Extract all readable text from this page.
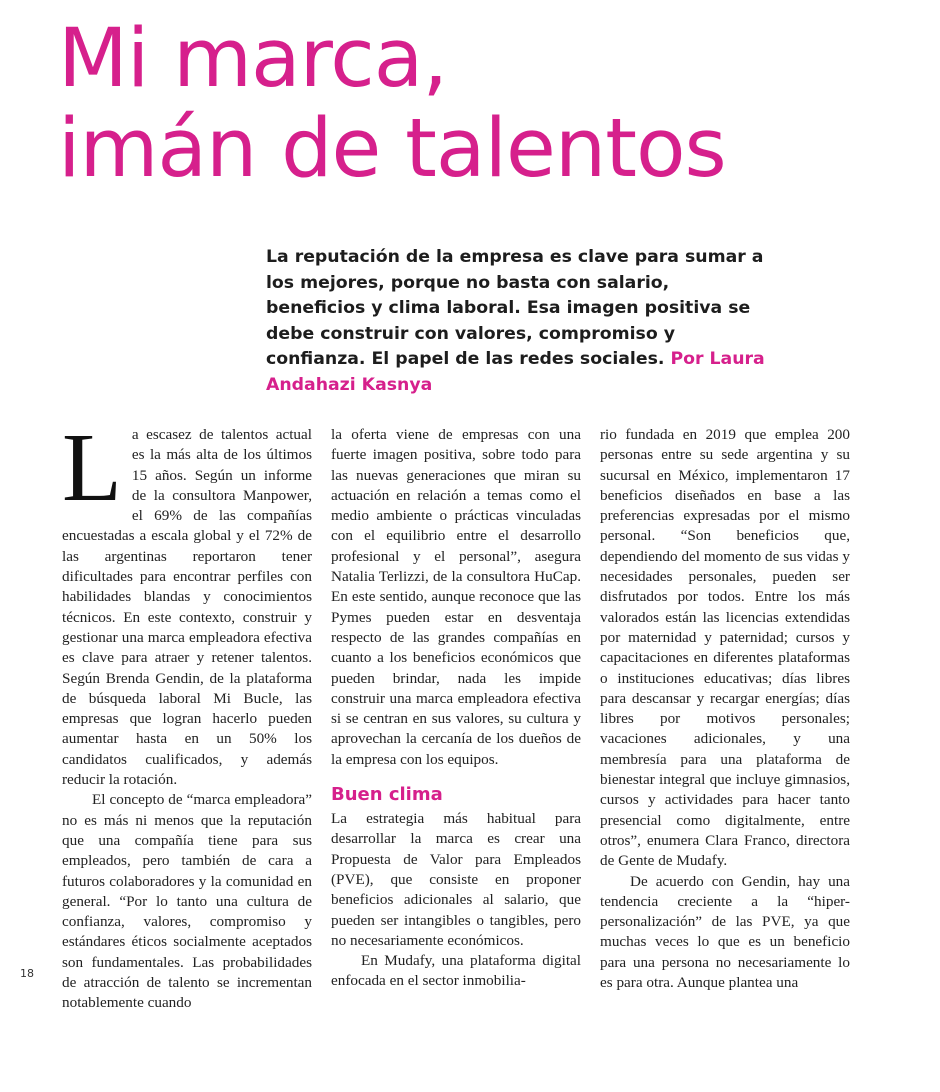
Mi marca,
imán de talentos
La reputación de la empresa es clave para sumar a los mejores, porque no basta con salario, beneficios y clima laboral. Esa imagen positiva se debe construir con valores, compromiso y confianza. El papel de las redes sociales. Por Laura Andahazi Kasnya

La escasez de talentos actual es la más alta de los últimos 15 años. Según un informe de la consultora Manpower, el 69% de las compañías encuestadas a escala global y el 72% de las argentinas reportaron tener dificultades para encontrar perfiles con habilidades blandas y conocimientos técnicos. En este contexto, construir y gestionar una marca empleadora efectiva es clave para atraer y retener talentos. Según Brenda Gendin, de la plataforma de búsqueda laboral Mi Bucle, las empresas que logran hacerlo pueden aumentar hasta en un 50% los candidatos cualificados, y además reducir la rotación.

El concepto de “marca empleadora” no es más ni menos que la reputación que una compañía tiene para sus empleados, pero también de cara a futuros colaboradores y la comunidad en general. “Por lo tanto una cultura de confianza, valores, compromiso y estándares éticos socialmente aceptados son fundamentales. Las probabilidades de atracción de talento se incrementan notablemente cuando

la oferta viene de empresas con una fuerte imagen positiva, sobre todo para las nuevas generaciones que miran su actuación en relación a temas como el medio ambiente o prácticas vinculadas con el equilibrio entre el desarrollo profesional y el personal”, asegura Natalia Terlizzi, de la consultora HuCap. En este sentido, aunque reconoce que las Pymes pueden estar en desventaja respecto de las grandes compañías en cuanto a los beneficios económicos que pueden brindar, nada les impide construir una marca empleadora efectiva si se centran en sus valores, su cultura y aprovechan la cercanía de los dueños de la empresa con los equipos.

Buen clima

La estrategia más habitual para desarrollar la marca es crear una Propuesta de Valor para Empleados (PVE), que consiste en proponer beneficios adicionales al salario, que pueden ser intangibles o tangibles, pero no necesariamente económicos.

En Mudafy, una plataforma digital enfocada en el sector inmobilia-

rio fundada en 2019 que emplea 200 personas entre su sede argentina y su sucursal en México, implementaron 17 beneficios diseñados en base a las preferencias expresadas por el mismo personal. “Son beneficios que, dependiendo del momento de sus vidas y necesidades personales, pueden ser disfrutados por todos. Entre los más valorados están las licencias extendidas por maternidad y paternidad; cursos y capacitaciones en diferentes plataformas o instituciones educativas; días libres para descansar y recargar energías; días libres por motivos personales; vacaciones adicionales, y una membresía para una plataforma de bienestar integral que incluye gimnasios, cursos y actividades para hacer tanto presencial como digitalmente, entre otros”, enumera Clara Franco, directora de Gente de Mudafy.

De acuerdo con Gendin, hay una tendencia creciente a la “hiper-personalización” de las PVE, ya que muchas veces lo que es un beneficio para una persona no necesariamente lo es para otra. Aunque plantea una

18
